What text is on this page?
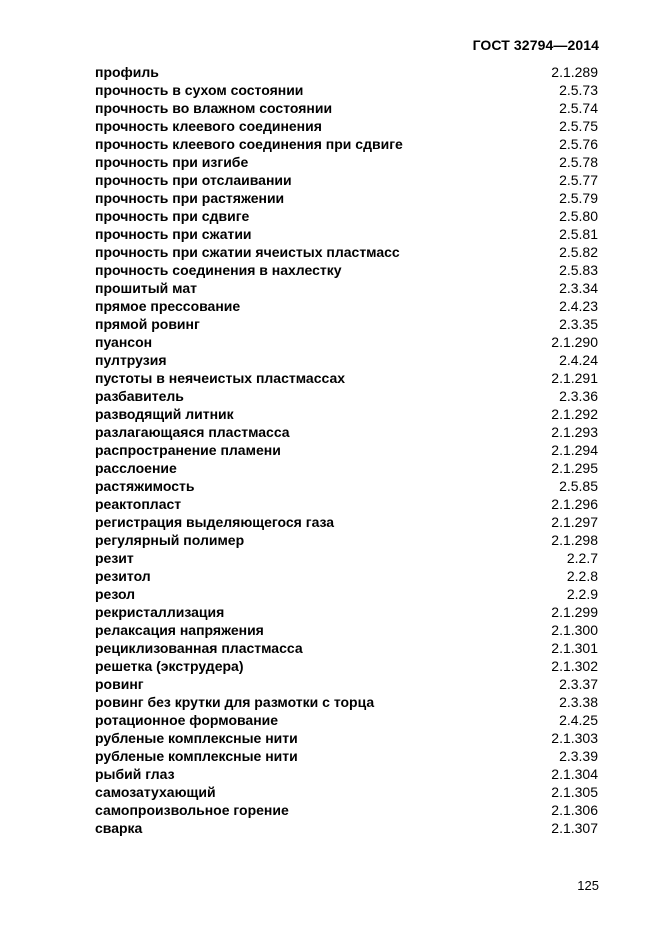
ГОСТ 32794—2014
профиль	2.1.289
прочность в сухом состоянии	2.5.73
прочность во влажном состоянии	2.5.74
прочность клеевого соединения	2.5.75
прочность клеевого соединения при сдвиге	2.5.76
прочность при изгибе	2.5.78
прочность при отслаивании	2.5.77
прочность при растяжении	2.5.79
прочность при сдвиге	2.5.80
прочность при сжатии	2.5.81
прочность при сжатии ячеистых пластмасс	2.5.82
прочность соединения в нахлестку	2.5.83
прошитый мат	2.3.34
прямое прессование	2.4.23
прямой ровинг	2.3.35
пуансон	2.1.290
пултрузия	2.4.24
пустоты в неячеистых пластмассах	2.1.291
разбавитель	2.3.36
разводящий литник	2.1.292
разлагающаяся пластмасса	2.1.293
распространение пламени	2.1.294
расслоение	2.1.295
растяжимость	2.5.85
реактопласт	2.1.296
регистрация выделяющегося газа	2.1.297
регулярный полимер	2.1.298
резит	2.2.7
резитол	2.2.8
резол	2.2.9
рекристаллизация	2.1.299
релаксация напряжения	2.1.300
рециклизованная пластмасса	2.1.301
решетка (экструдера)	2.1.302
ровинг	2.3.37
ровинг без крутки для размотки с торца	2.3.38
ротационное формование	2.4.25
рубленые комплексные нити	2.1.303
рубленые комплексные нити	2.3.39
рыбий глаз	2.1.304
самозатухающий	2.1.305
самопроизвольное горение	2.1.306
сварка	2.1.307
125
